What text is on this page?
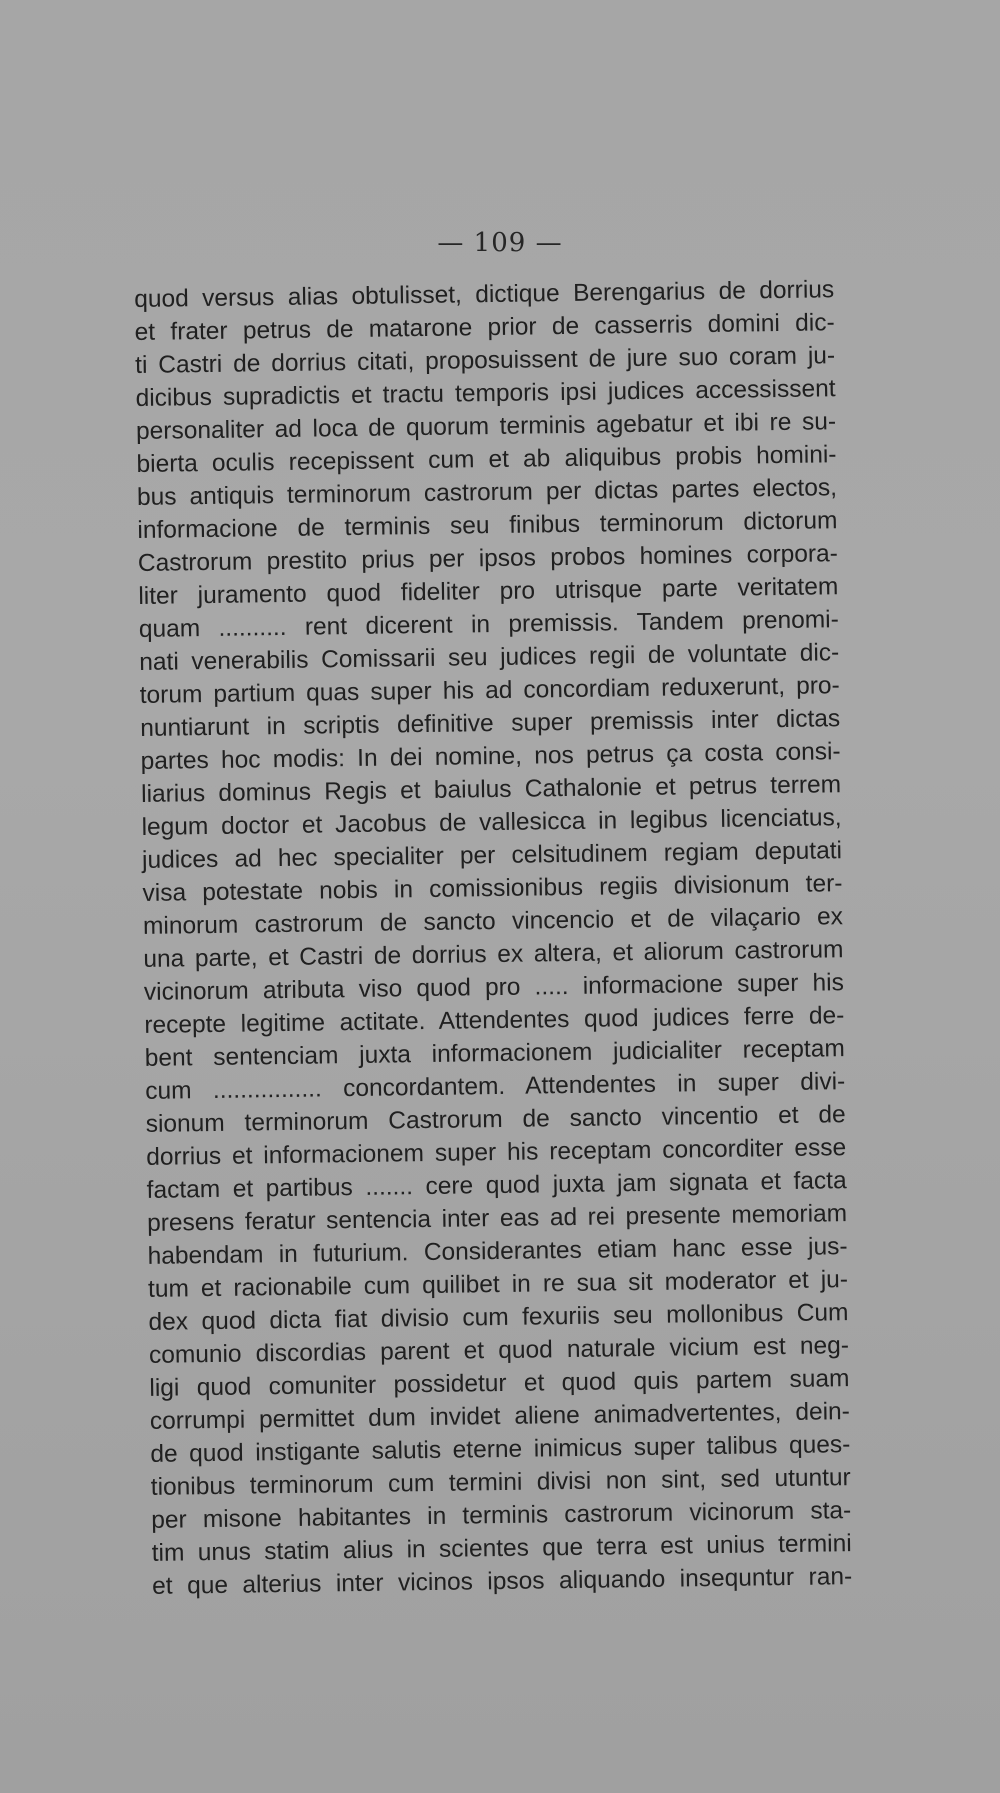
— 109 —
quod versus alias obtulisset, dictique Berengarius de dorrius
et frater petrus de matarone prior de casserris domini dic-
ti Castri de dorrius citati, proposuissent de jure suo coram ju-
dicibus supradictis et tractu temporis ipsi judices accessissent
personaliter ad loca de quorum terminis agebatur et ibi re su-
bierta oculis recepissent cum et ab aliquibus probis homini-
bus antiquis terminorum castrorum per dictas partes electos,
informacione de terminis seu finibus terminorum dictorum
Castrorum prestito prius per ipsos probos homines corpora-
liter juramento quod fideliter pro utrisque parte veritatem
quam .......... rent dicerent in premissis. Tandem prenomi-
nati venerabilis Comissarii seu judices regii de voluntate dic-
torum partium quas super his ad concordiam reduxerunt, pro-
nuntiarunt in scriptis definitive super premissis inter dictas
partes hoc modis: In dei nomine, nos petrus ça costa consi-
liarius dominus Regis et baiulus Cathalonie et petrus terrem
legum doctor et Jacobus de vallesicca in legibus licenciatus,
judices ad hec specialiter per celsitudinem regiam deputati
visa potestate nobis in comissionibus regiis divisionum ter-
minorum castrorum de sancto vincencio et de vilaçario ex
una parte, et Castri de dorrius ex altera, et aliorum castrorum
vicinorum atributa viso quod pro ..... informacione super his
recepte legitime actitate. Attendentes quod judices ferre de-
bent sentenciam juxta informacionem judicialiter receptam
cum ................ concordantem. Attendentes in super divi-
sionum terminorum Castrorum de sancto vincentio et de
dorrius et informacionem super his receptam concorditer esse
factam et partibus ....... cere quod juxta jam signata et facta
presens feratur sentencia inter eas ad rei presente memoriam
habendam in futurium. Considerantes etiam hanc esse jus-
tum et racionabile cum quilibet in re sua sit moderator et ju-
dex quod dicta fiat divisio cum fexuriis seu mollonibus Cum
comunio discordias parent et quod naturale vicium est neg-
ligi quod comuniter possidetur et quod quis partem suam
corrumpi permittet dum invidet aliene animadvertentes, dein-
de quod instigante salutis eterne inimicus super talibus ques-
tionibus terminorum cum termini divisi non sint, sed utuntur
per misone habitantes in terminis castrorum vicinorum sta-
tim unus statim alius in scientes que terra est unius termini
et que alterius inter vicinos ipsos aliquando insequntur ran-
